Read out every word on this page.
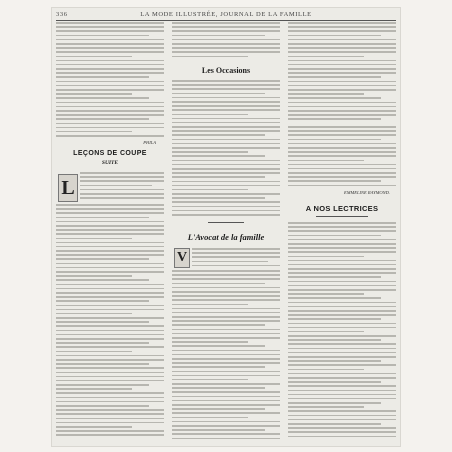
336	LA MODE ILLUSTRÉE, JOURNAL DE LA FAMILLE
PHILA
LEÇONS DE COUPE
SUITE
L
Les Occasions
L'Avocat de la famille
V
EMMELINE RAYMOND.
A NOS LECTRICES
